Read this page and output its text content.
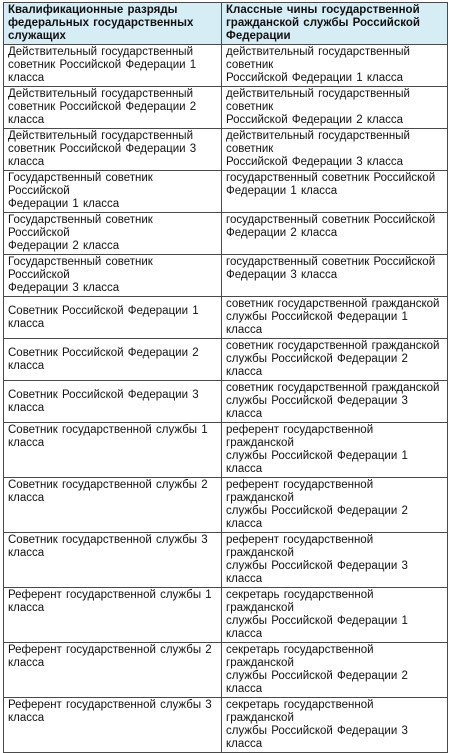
Квалификационные разряды
федеральных государственных
служащих	Классные чины государственной
гражданской службы Российской
Федерации
Действительный государственный
советник Российской Федерации 1 класса	действительный государственный советник
Российской Федерации 1 класса
Действительный государственный
советник Российской Федерации 2 класса	действительный государственный советник
Российской Федерации 2 класса
Действительный государственный
советник Российской Федерации 3 класса	действительный государственный советник
Российской Федерации 3 класса
Государственный советник Российской
Федерации 1 класса	государственный советник Российской
Федерации 1 класса
Государственный советник Российской
Федерации 2 класса	государственный советник Российской
Федерации 2 класса
Государственный советник Российской
Федерации 3 класса	государственный советник Российской
Федерации 3 класса
Советник Российской Федерации 1 класса	советник государственной гражданской
службы Российской Федерации 1 класса
Советник Российской Федерации 2 класса	советник государственной гражданской
службы Российской Федерации 2 класса
Советник Российской Федерации 3 класса	советник государственной гражданской
службы Российской Федерации 3 класса
Советник государственной службы 1
класса	референт государственной гражданской
службы Российской Федерации 1 класса
Советник государственной службы 2
класса	референт государственной гражданской
службы Российской Федерации 2 класса
Советник государственной службы 3
класса	референт государственной гражданской
службы Российской Федерации 3 класса
Референт государственной службы 1
класса	секретарь государственной гражданской
службы Российской Федерации 1 класса
Референт государственной службы 2
класса	секретарь государственной гражданской
службы Российской Федерации 2 класса
Референт государственной службы 3
класса	секретарь государственной гражданской
службы Российской Федерации 3 класса
